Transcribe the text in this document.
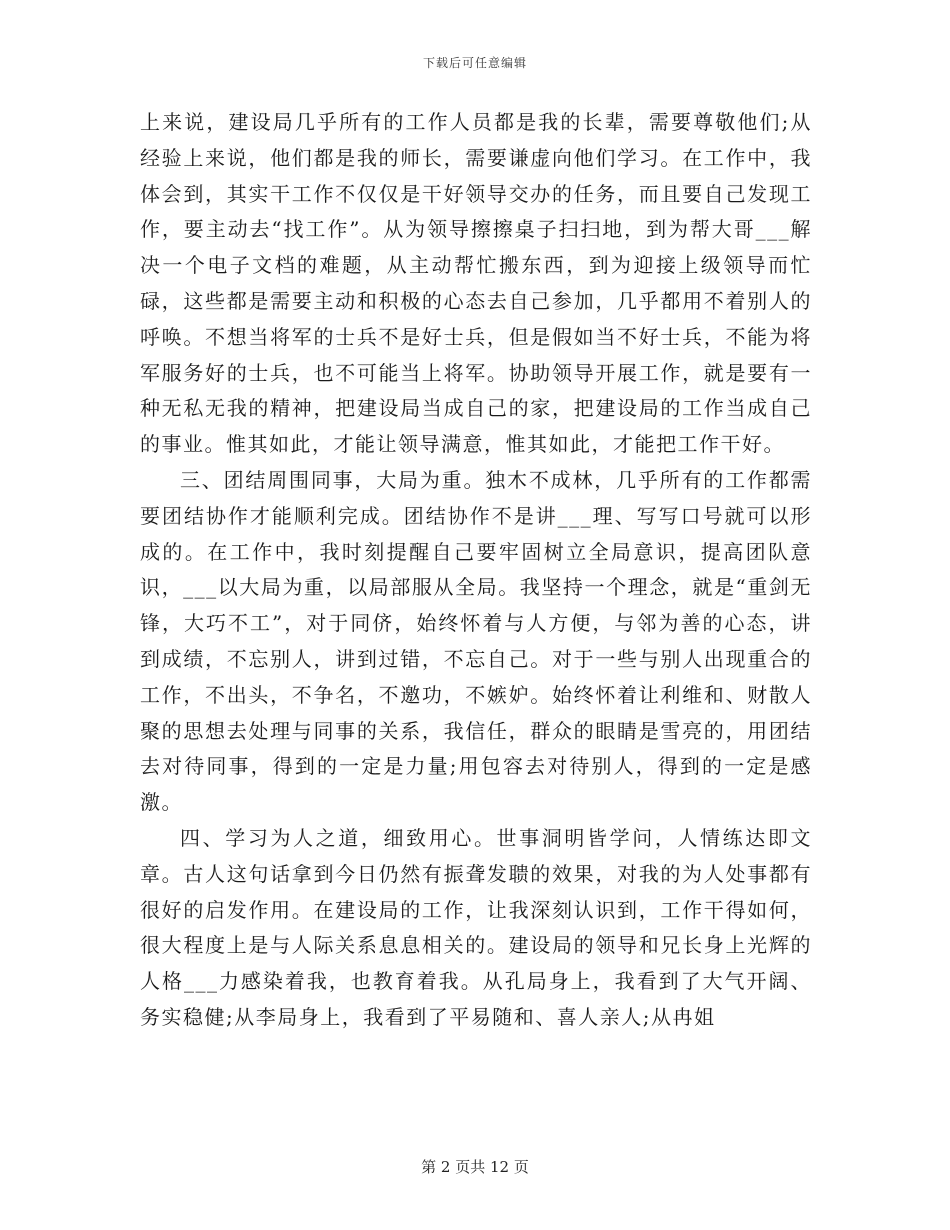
下载后可任意编辑

上来说，建设局几乎所有的工作人员都是我的长辈，需要尊敬他们;从经验上来说，他们都是我的师长，需要谦虚向他们学习。在工作中，我体会到，其实干工作不仅仅是干好领导交办的任务，而且要自己发现工作，要主动去“找工作”。从为领导擦擦桌子扫扫地，到为帮大哥___解决一个电子文档的难题，从主动帮忙搬东西，到为迎接上级领导而忙碌，这些都是需要主动和积极的心态去自己参加，几乎都用不着别人的呼唤。不想当将军的士兵不是好士兵，但是假如当不好士兵，不能为将军服务好的士兵，也不可能当上将军。协助领导开展工作，就是要有一种无私无我的精神，把建设局当成自己的家，把建设局的工作当成自己的事业。惟其如此，才能让领导满意，惟其如此，才能把工作干好。

三、团结周围同事，大局为重。独木不成林，几乎所有的工作都需要团结协作才能顺利完成。团结协作不是讲___理、写写口号就可以形成的。在工作中，我时刻提醒自己要牢固树立全局意识，提高团队意识，___以大局为重，以局部服从全局。我坚持一个理念，就是“重剑无锋，大巧不工”，对于同侪，始终怀着与人方便，与邻为善的心态，讲到成绩，不忘别人，讲到过错，不忘自己。对于一些与别人出现重合的工作，不出头，不争名，不邀功，不嫉妒。始终怀着让利维和、财散人聚的思想去处理与同事的关系，我信任，群众的眼睛是雪亮的，用团结去对待同事，得到的一定是力量;用包容去对待别人，得到的一定是感激。

四、学习为人之道，细致用心。世事洞明皆学问，人情练达即文章。古人这句话拿到今日仍然有振聋发聩的效果，对我的为人处事都有很好的启发作用。在建设局的工作，让我深刻认识到，工作干得如何，很大程度上是与人际关系息息相关的。建设局的领导和兄长身上光辉的人格___力感染着我，也教育着我。从孔局身上，我看到了大气开阔、务实稳健;从李局身上，我看到了平易随和、喜人亲人;从冉姐

第 2 页共 12 页
